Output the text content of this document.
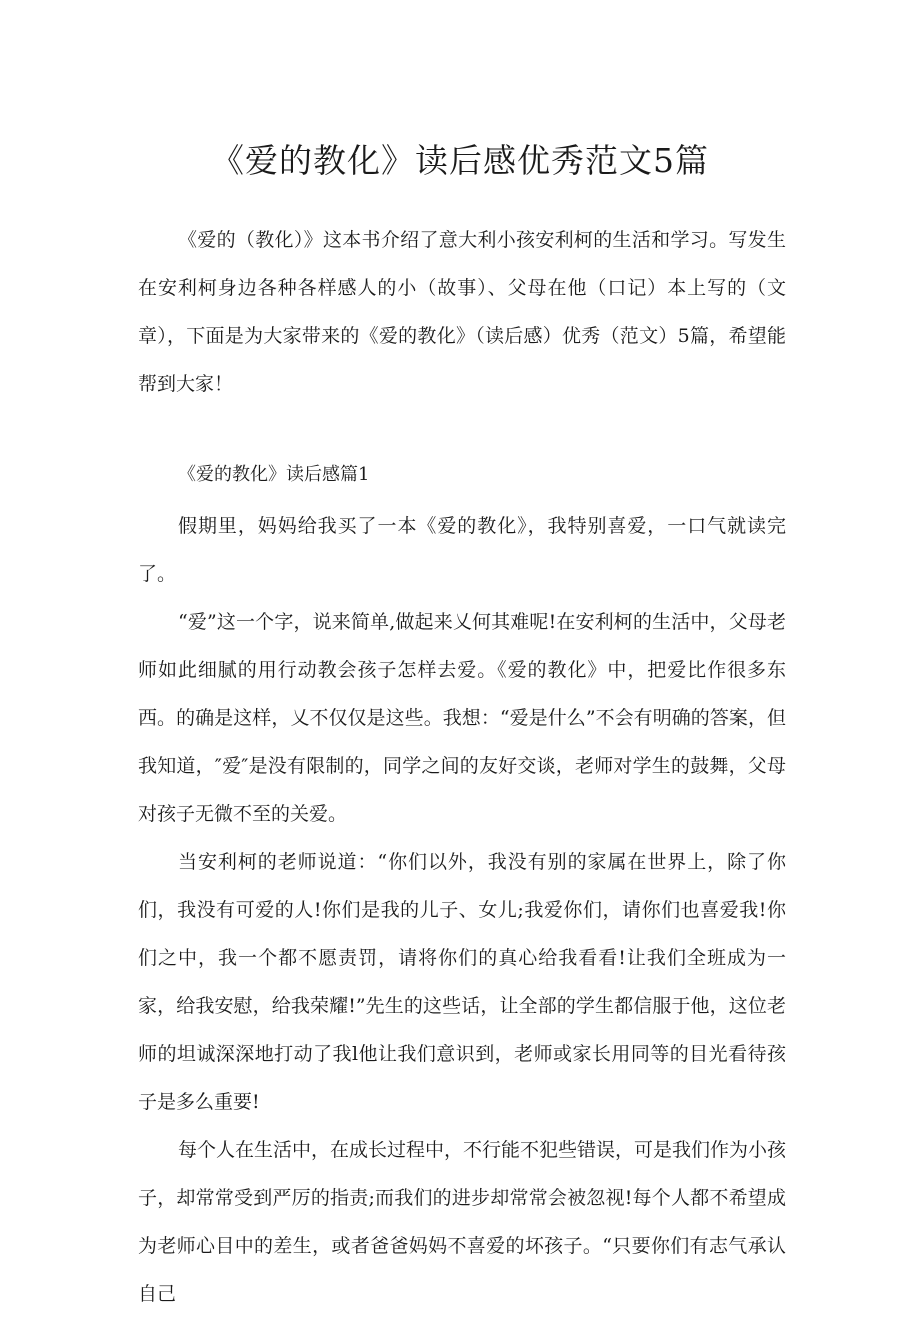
《爱的教化》读后感优秀范文5篇

《爱的（教化）》这本书介绍了意大利小孩安利柯的生活和学习。写发生在安利柯身边各种各样感人的小（故事）、父母在他（口记）本上写的（文章），下面是为大家带来的《爱的教化》（读后感）优秀（范文）5篇，希望能帮到大家！

《爱的教化》读后感篇1

假期里，妈妈给我买了一本《爱的教化》，我特别喜爱，一口气就读完了。

“爱”这一个字，说来简单,做起来乂何其难呢!在安利柯的生活中，父母老师如此细腻的用行动教会孩子怎样去爱。《爱的教化》中，把爱比作很多东西。的确是这样，乂不仅仅是这些。我想：“爱是什么”不会有明确的答案，但我知道，″爱″是没有限制的，同学之间的友好交谈，老师对学生的鼓舞，父母对孩子无微不至的关爱。

当安利柯的老师说道：“你们以外，我没有别的家属在世界上，除了你们，我没有可爱的人!你们是我的儿子、女儿;我爱你们，请你们也喜爱我!你们之中，我一个都不愿责罚，请将你们的真心给我看看!让我们全班成为一家，给我安慰，给我荣耀!”先生的这些话，让全部的学生都信服于他，这位老师的坦诚深深地打动了我l他让我们意识到，老师或家长用同等的目光看待孩子是多么重要!

每个人在生活中，在成长过程中，不行能不犯些错误，可是我们作为小孩子，却常常受到严厉的指责;而我们的进步却常常会被忽视!每个人都不希望成为老师心目中的差生，或者爸爸妈妈不喜爱的坏孩子。“只要你们有志气承认自己
